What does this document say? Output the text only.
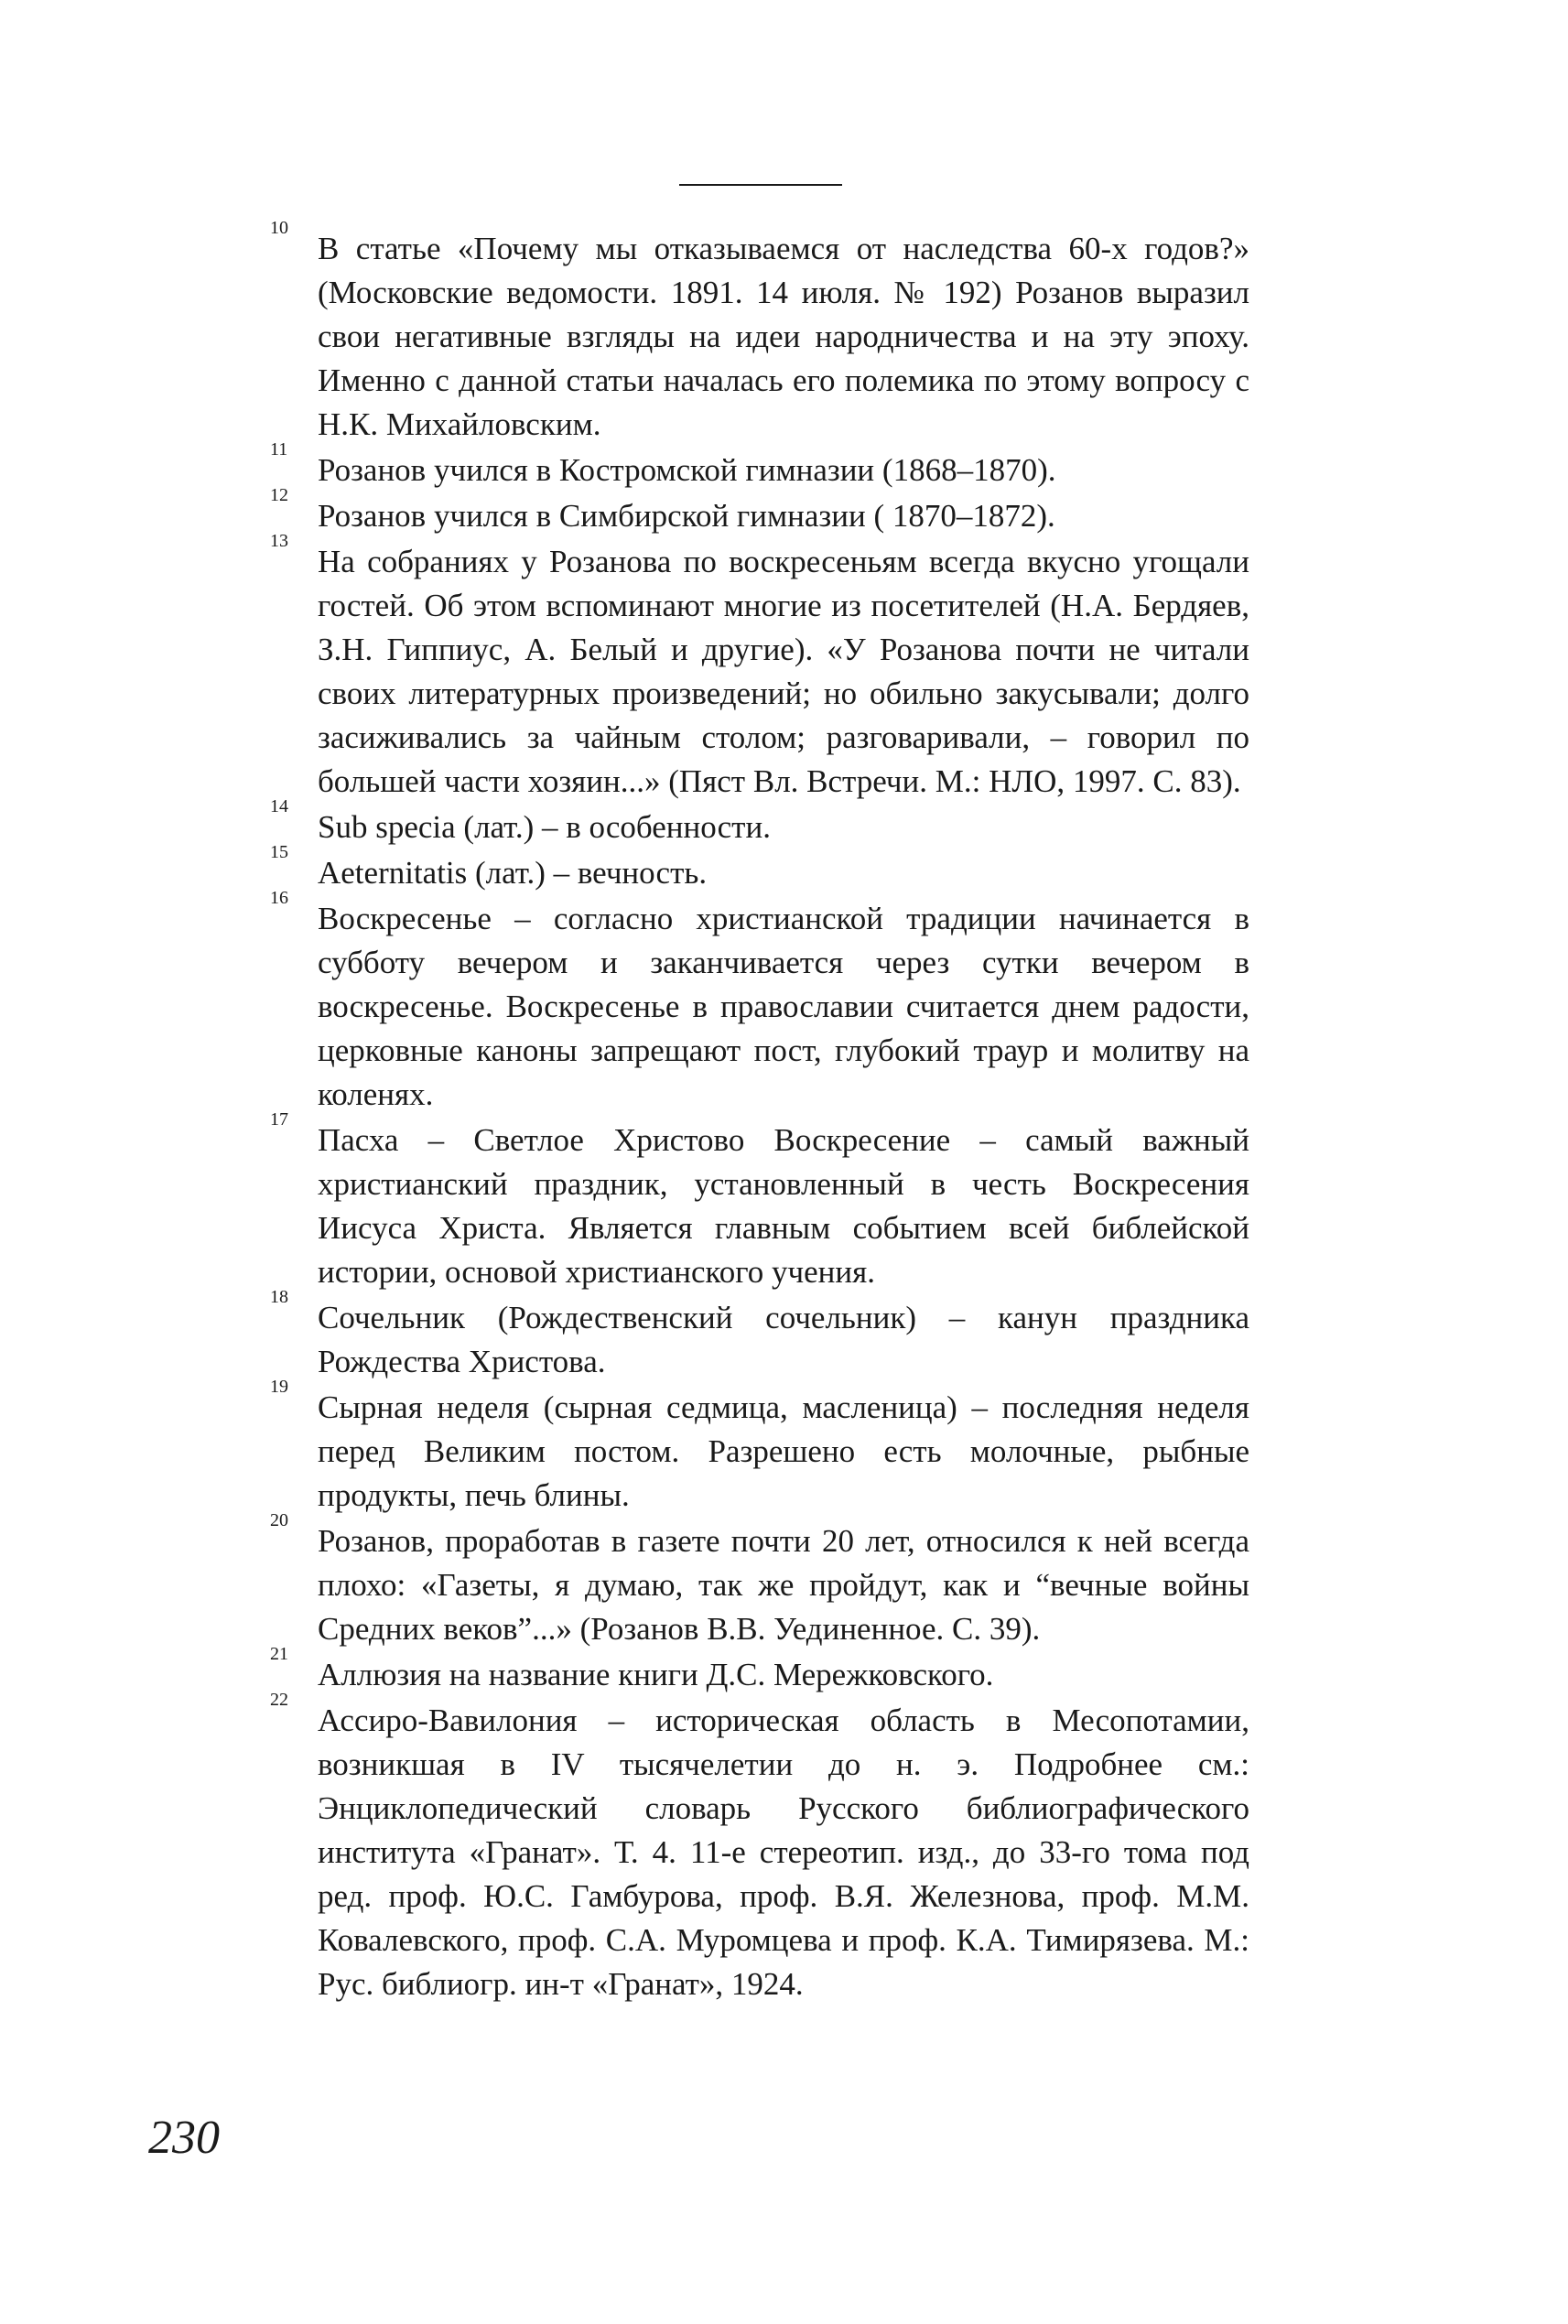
10
В статье «Почему мы отказываемся от наследства 60-х годов?» (Московские ведомости. 1891. 14 июля. № 192) Розанов выразил свои негативные взгляды на идеи народничества и на эту эпоху. Именно с данной статьи началась его полемика по этому вопросу с Н.К. Михайловским.

11
Розанов учился в Костромской гимназии (1868–1870).

12
Розанов учился в Симбирской гимназии ( 1870–1872).

13
На собраниях у Розанова по воскресеньям всегда вкусно угощали гостей. Об этом вспоминают многие из посетителей (Н.А. Бердяев, З.Н. Гиппиус, А. Белый и другие). «У Розанова почти не читали своих литературных произведений; но обильно закусывали; долго засиживались за чайным столом; разговаривали, – говорил по большей части хозяин...» (Пяст Вл. Встречи. М.: НЛО, 1997. С. 83).

14
Sub specia (лат.) – в особенности.

15
Aeternitatis (лат.) – вечность.

16
Воскресенье – согласно христианской традиции начинается в субботу вечером и заканчивается через сутки вечером в воскресенье. Воскресенье в православии считается днем радости, церковные каноны запрещают пост, глубокий траур и молитву на коленях.

17
Пасха – Светлое Христово Воскресение – самый важный христианский праздник, установленный в честь Воскресения Иисуса Христа. Является главным событием всей библейской истории, основой христианского учения.

18
Сочельник (Рождественский сочельник) – канун праздника Рождества Христова.

19
Сырная неделя (сырная седмица, масленица) – последняя неделя перед Великим постом. Разрешено есть молочные, рыбные продукты, печь блины.

20
Розанов, проработав в газете почти 20 лет, относился к ней всегда плохо: «Газеты, я думаю, так же пройдут, как и “вечные войны Средних веков”...» (Розанов В.В. Уединенное. С. 39).

21
Аллюзия на название книги Д.С. Мережковского.

22
Ассиро-Вавилония – историческая область в Месопотамии, возникшая в IV тысячелетии до н. э. Подробнее см.: Энциклопедический словарь Русского библиографического института «Гранат». Т. 4. 11-е стереотип. изд., до 33-го тома под ред. проф. Ю.С. Гамбурова, проф. В.Я. Железнова, проф. М.М. Ковалевского, проф. С.А. Муромцева и проф. К.А. Тимирязева. М.: Рус. библиогр. ин-т «Гранат», 1924.

230
